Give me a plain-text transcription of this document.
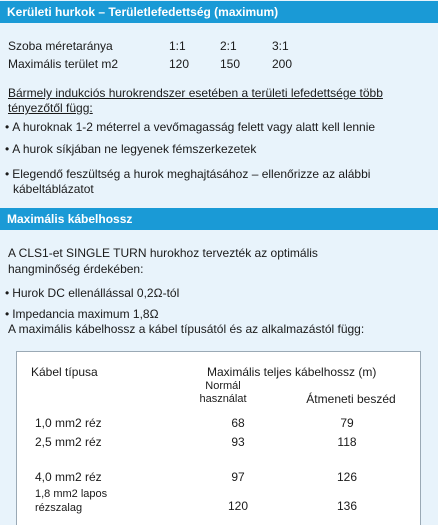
Kerületi hurkok – Területlefedettség (maximum)
Szoba méretaránya	1:1	2:1	3:1
Maximális terület m2	120	150	200
Bármely indukciós hurokrendszer esetében a területi lefedettsége több
tényezőtől függ:
• A huroknak 1-2 méterrel a vevőmagasság felett vagy alatt kell lennie
• A hurok síkjában ne legyenek fémszerkezetek
• Elegendő feszültség a hurok meghajtásához – ellenőrizze az alábbi
kábeltáblázatot
Maximális kábelhossz
A CLS1-et SINGLE TURN hurokhoz tervezték az optimális
hangminőség érdekében:
• Hurok DC ellenállással 0,2Ω-tól
• Impedancia maximum 1,8Ω
A maximális kábelhossz a kábel típusától és az alkalmazástól függ:
Kábel típusa	Maximális teljes kábelhossz (m)
Normál
használat	Átmeneti beszéd
1,0 mm2 réz	68	79
2,5 mm2 réz	93	118
4,0 mm2 réz	97	126
1,8 mm2 lapos
rézszalag	120	136
